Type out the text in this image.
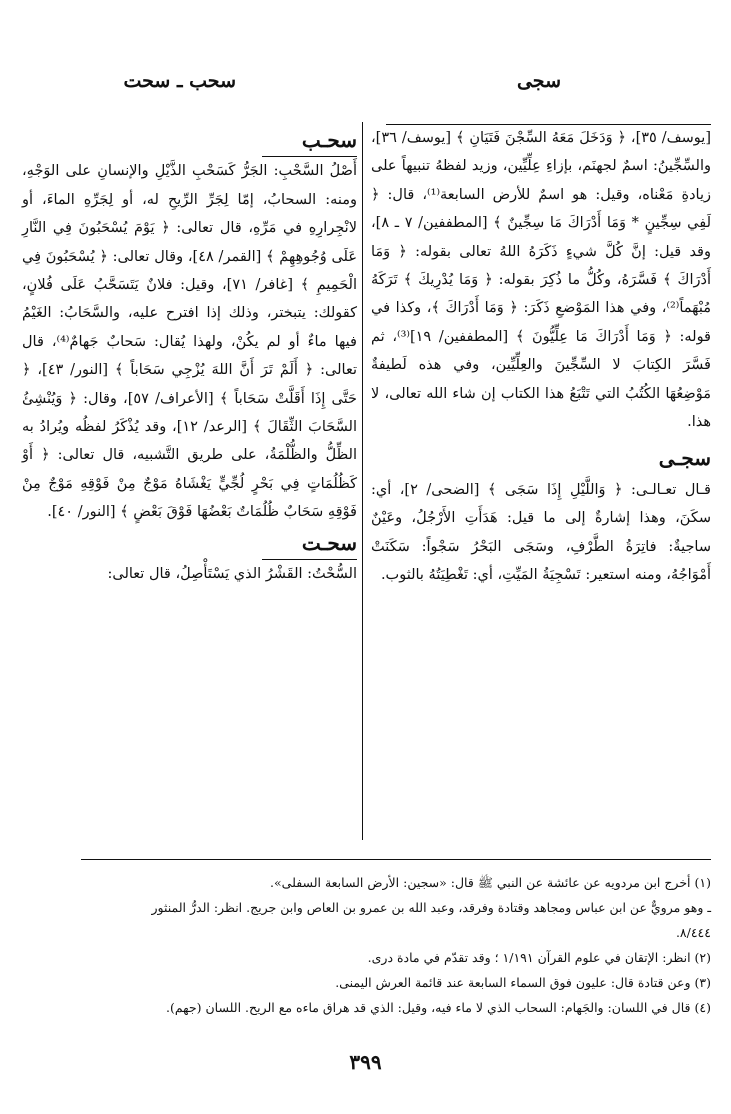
سجى
سحب ـ سحت

[يوسف/ ٣٥]، ﴿ وَدَخَلَ مَعَهُ السِّجْنَ فَتَيَانِ ﴾ [يوسف/ ٣٦]، والسِّجِّينُ: اسمٌ لجهنَم، بإزاءِ عِلِّيِّين، وزيد لفظهُ تنبيهاً على زيادةِ مَعْناه، وقيل: هو اسمٌ للأرض السابعة⁽¹⁾، قال: ﴿ لَفِي سِجِّينٍ * وَمَا أَدْرَاكَ مَا سِجِّينٌ ﴾ [المطففين/ ٧ ـ ٨]، وقد قيل: إنَّ كُلَّ شيءٍ ذَكَرَهُ اللهُ تعالى بقوله: ﴿ وَمَا أَدْرَاكَ ﴾ فَسَّرَهُ، وكُلُّ ما ذُكِرَ بقوله: ﴿ وَمَا يُدْرِيكَ ﴾ تَرَكَهُ مُبْهَماً⁽²⁾، وفي هذا المَوْضعِ ذَكَرَ: ﴿ وَمَا أَدْرَاكَ ﴾، وكذا في قوله: ﴿ وَمَا أَدْرَاكَ مَا عِلِّيُّونَ ﴾ [المطففين/ ١٩]⁽³⁾، ثم فَسَّرَ الكِتابَ لا السِّجِّينَ والعِلِّيِّين، وفي هذه لَطيفةٌ مَوْضِعُهَا الكُتُبُ التي تَتْبَعُ هذا الكتاب إن شاء الله تعالى، لا هذا.

سجـى

قـال تعـالـى: ﴿ وَاللَّيْلِ إِذَا سَجَى ﴾ [الضحى/ ٢]، أي: سكَنَ، وهذا إشارةٌ إلى ما قيل: هَدَأَتِ الأَرْجُلُ، وعَيْنٌ ساجيةٌ: فاتِرَةُ الطَّرْفِ، وسَجَى البَحْرُ سَجْواً: سَكَنَتْ أَمْوَاجُهُ، ومنه استعير: تَسْجِيَةُ المَيِّتِ، أي: تَغْطِيَتُهُ بالثوب.

سحـب

أَصْلُ السَّحْبِ: الجَرُّ كَسَحْبِ الذَّيْلِ والإنسانِ على الوَجْهِ، ومنه: السحابُ، إمّا لِجَرِّ الرِّيحِ له، أو لِجَرِّهِ الماءَ، أو لانْجِرارِهِ في مَرِّهِ، قال تعالى: ﴿ يَوْمَ يُسْحَبُونَ فِي النَّارِ عَلَى وُجُوهِهِمْ ﴾ [القمر/ ٤٨]، وقال تعالى: ﴿ يُسْحَبُونَ فِي الْحَمِيمِ ﴾ [غافر/ ٧١]، وقيل: فلانٌ يَتَسَحَّبُ عَلَى فُلانٍ، كقولك: يتبختر، وذلك إذا افترح عليه، والسَّحَابُ: الغَيْمُ فيها ماءٌ أو لم يكُنْ، ولهذا يُقال: سَحابٌ جَهامٌ⁽⁴⁾، قال تعالى: ﴿ أَلَمْ تَرَ أَنَّ اللهَ يُزْجِي سَحَاباً ﴾ [النور/ ٤٣]، ﴿ حَتَّى إِذَا أَقَلَّتْ سَحَاباً ﴾ [الأعراف/ ٥٧]، وقال: ﴿ وَيُنْشِئُ السَّحَابَ الثِّقَالَ ﴾ [الرعد/ ١٢]، وقد يُذْكَرُ لفظُه ويُرادُ به الظِّلُّ والظُّلْمَةُ، على طريق التَّشبيه، قال تعالى: ﴿ أَوْ كَظُلُمَاتٍ فِي بَحْرٍ لُجِّيٍّ يَغْشَاهُ مَوْجٌ مِنْ فَوْقِهِ مَوْجٌ مِنْ فَوْقِهِ سَحَابٌ ظُلُمَاتٌ بَعْضُهَا فَوْقَ بَعْضٍ ﴾ [النور/ ٤٠].

سحـت

السُّحْتُ: القَشْرُ الذي يَسْتَأْصِلُ، قال تعالى:

(١) أخرج ابن مردويه عن عائشة عن النبي ﷺ قال: «سجين: الأرض السابعة السفلى».

ـ وهو مرويٌّ عن ابن عباس ومجاهد وقتادة وفرقد، وعبد الله بن عمرو بن العاص وابن جريج. انظر: الدرُّ المنثور

٨/٤٤٤.

(٢) انظر: الإتقان في علوم القرآن ١/١٩١ ؛ وقد تقدّم في مادة درى.

(٣) وعن قتادة قال: عليون فوق السماء السابعة عند قائمة العرش اليمنى.

(٤) قال في اللسان: والجَهام: السحاب الذي لا ماء فيه، وقيل: الذي قد هراق ماءه مع الريح. اللسان (جهم).

٣٩٩
